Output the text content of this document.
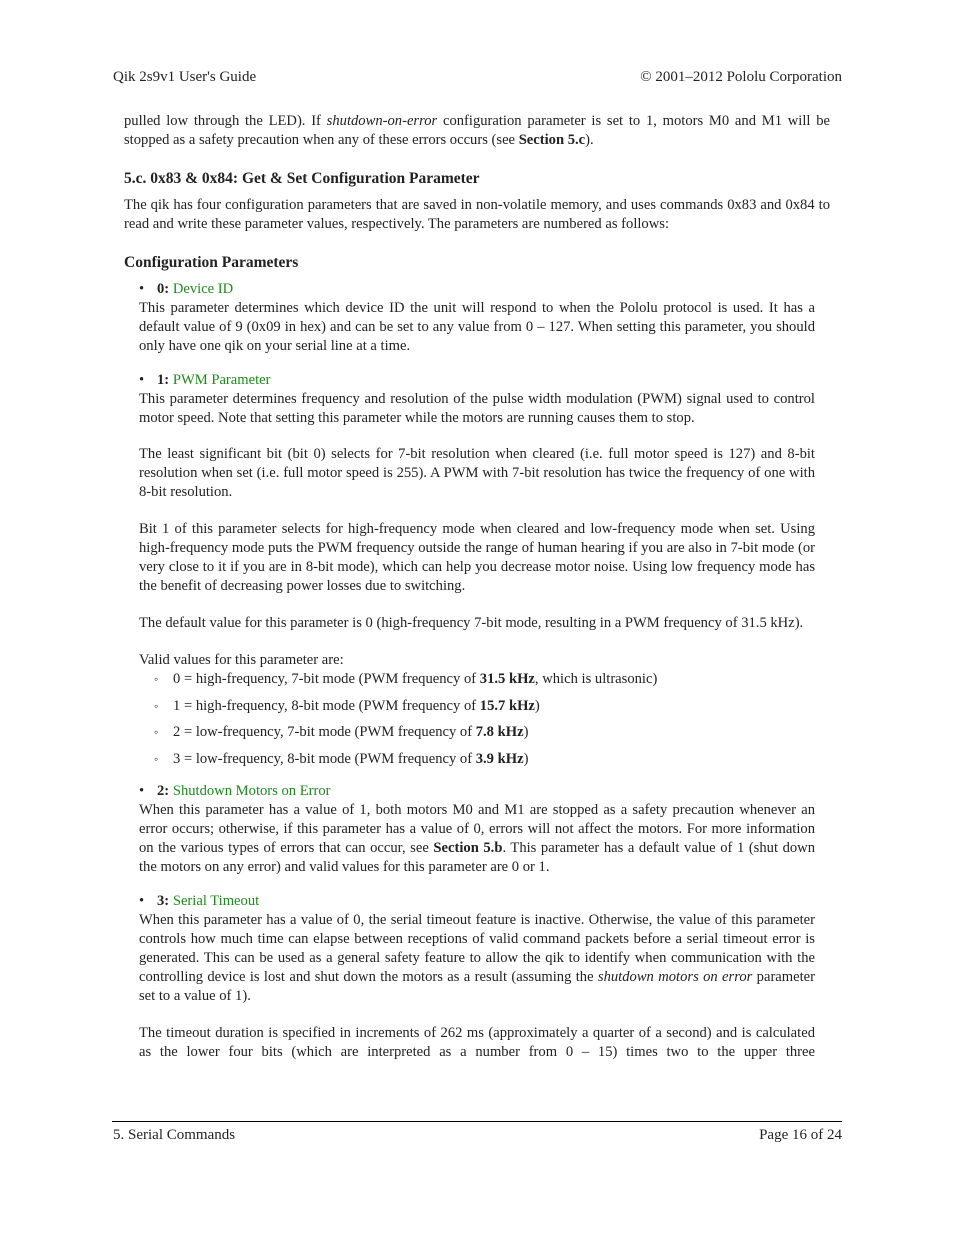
Qik 2s9v1 User's Guide	© 2001–2012 Pololu Corporation

pulled low through the LED). If shutdown-on-error configuration parameter is set to 1, motors M0 and M1 will be stopped as a safety precaution when any of these errors occurs (see Section 5.c).

5.c. 0x83 & 0x84: Get & Set Configuration Parameter

The qik has four configuration parameters that are saved in non-volatile memory, and uses commands 0x83 and 0x84 to read and write these parameter values, respectively. The parameters are numbered as follows:

Configuration Parameters
• 0: Device ID

This parameter determines which device ID the unit will respond to when the Pololu protocol is used. It has a default value of 9 (0x09 in hex) and can be set to any value from 0 – 127. When setting this parameter, you should only have one qik on your serial line at a time.

• 1: PWM Parameter

This parameter determines frequency and resolution of the pulse width modulation (PWM) signal used to control motor speed. Note that setting this parameter while the motors are running causes them to stop.

The least significant bit (bit 0) selects for 7-bit resolution when cleared (i.e. full motor speed is 127) and 8-bit resolution when set (i.e. full motor speed is 255). A PWM with 7-bit resolution has twice the frequency of one with 8-bit resolution.

Bit 1 of this parameter selects for high-frequency mode when cleared and low-frequency mode when set. Using high-frequency mode puts the PWM frequency outside the range of human hearing if you are also in 7-bit mode (or very close to it if you are in 8-bit mode), which can help you decrease motor noise. Using low frequency mode has the benefit of decreasing power losses due to switching.

The default value for this parameter is 0 (high-frequency 7-bit mode, resulting in a PWM frequency of 31.5 kHz).

Valid values for this parameter are:

◦ 0 = high-frequency, 7-bit mode (PWM frequency of 31.5 kHz, which is ultrasonic)
◦ 1 = high-frequency, 8-bit mode (PWM frequency of 15.7 kHz)
◦ 2 = low-frequency, 7-bit mode (PWM frequency of 7.8 kHz)
◦ 3 = low-frequency, 8-bit mode (PWM frequency of 3.9 kHz)
• 2: Shutdown Motors on Error

When this parameter has a value of 1, both motors M0 and M1 are stopped as a safety precaution whenever an error occurs; otherwise, if this parameter has a value of 0, errors will not affect the motors. For more information on the various types of errors that can occur, see Section 5.b. This parameter has a default value of 1 (shut down the motors on any error) and valid values for this parameter are 0 or 1.

• 3: Serial Timeout

When this parameter has a value of 0, the serial timeout feature is inactive. Otherwise, the value of this parameter controls how much time can elapse between receptions of valid command packets before a serial timeout error is generated. This can be used as a general safety feature to allow the qik to identify when communication with the controlling device is lost and shut down the motors as a result (assuming the shutdown motors on error parameter set to a value of 1).

The timeout duration is specified in increments of 262 ms (approximately a quarter of a second) and is calculated as the lower four bits (which are interpreted as a number from 0 – 15) times two to the upper three

5. Serial Commands	Page 16 of 24
